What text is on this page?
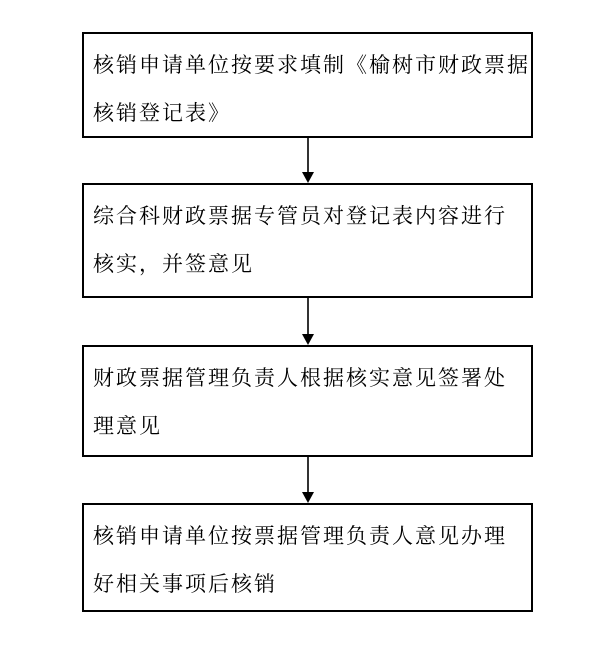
核销申请单位按要求填制《榆树市财政票据
核销登记表》
综合科财政票据专管员对登记表内容进行
核实，并签意见
财政票据管理负责人根据核实意见签署处
理意见
核销申请单位按票据管理负责人意见办理
好相关事项后核销
